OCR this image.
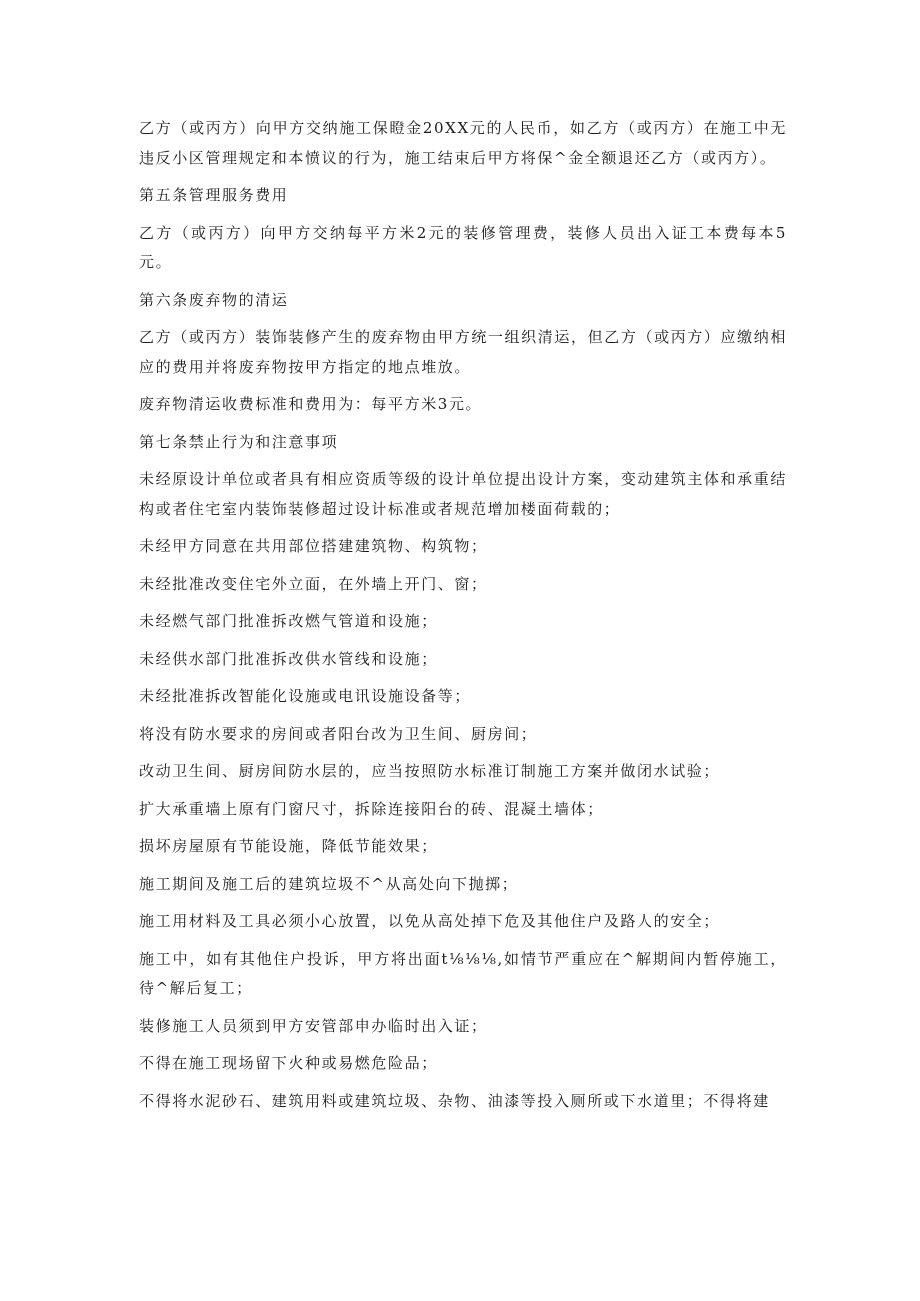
乙方（或丙方）向甲方交纳施工保瞪金20XX元的人民币，如乙方（或丙方）在施工中无违反小区管理规定和本愤议的行为，施工结束后甲方将保^金全额退还乙方（或丙方）。

第五条管理服务费用

乙方（或丙方）向甲方交纳每平方米2元的装修管理费，装修人员出入证工本费每本5元。

第六条废弃物的清运

乙方（或丙方）装饰装修产生的废弃物由甲方统一组织清运，但乙方（或丙方）应缴纳相应的费用并将废弃物按甲方指定的地点堆放。

废弃物清运收费标准和费用为：每平方米3元。

第七条禁止行为和注意事项

未经原设计单位或者具有相应资质等级的设计单位提出设计方案，变动建筑主体和承重结构或者住宅室内装饰装修超过设计标准或者规范增加楼面荷载的；

未经甲方同意在共用部位搭建建筑物、构筑物；

未经批准改变住宅外立面，在外墙上开门、窗；

未经燃气部门批准拆改燃气管道和设施；

未经供水部门批准拆改供水管线和设施；

未经批准拆改智能化设施或电讯设施设备等；

将没有防水要求的房间或者阳台改为卫生间、厨房间；

改动卫生间、厨房间防水层的，应当按照防水标准订制施工方案并做闭水试验；

扩大承重墙上原有门窗尺寸，拆除连接阳台的砖、混凝土墙体；

损坏房屋原有节能设施，降低节能效果；

施工期间及施工后的建筑垃圾不^从高处向下抛掷；

施工用材料及工具必须小心放置，以免从高处掉下危及其他住户及路人的安全；

施工中，如有其他住户投诉，甲方将出面t⅛⅛⅛,如情节严重应在^解期间内暂停施工，待^解后复工；

装修施工人员须到甲方安管部申办临时出入证；

不得在施工现场留下火种或易燃危险品；

不得将水泥砂石、建筑用料或建筑垃圾、杂物、油漆等投入厕所或下水道里；不得将建
